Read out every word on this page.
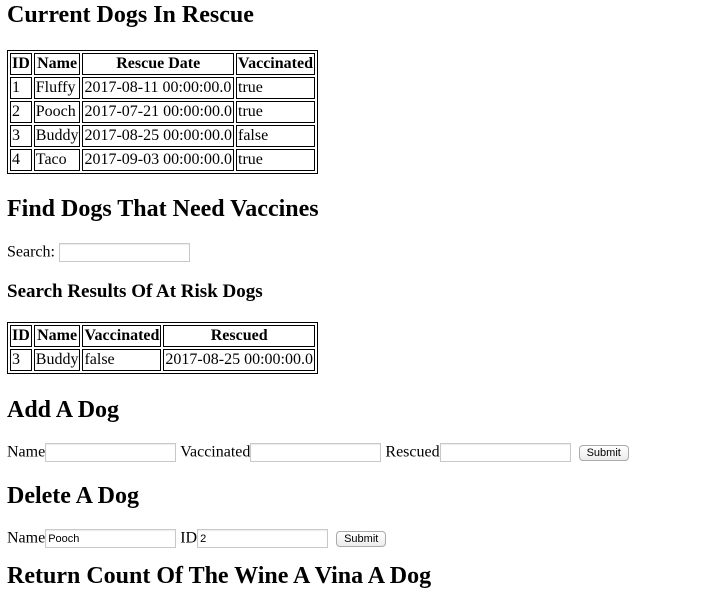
Current Dogs In Rescue
ID	Name	Rescue Date	Vaccinated
1	Fluffy	2017-08-11 00:00:00.0	true
2	Pooch	2017-07-21 00:00:00.0	true
3	Buddy	2017-08-25 00:00:00.0	false
4	Taco	2017-09-03 00:00:00.0	true
Find Dogs That Need Vaccines
Search:
Search Results Of At Risk Dogs
ID	Name	Vaccinated	Rescued
3	Buddy	false	2017-08-25 00:00:00.0
Add A Dog
Name	Vaccinated	Rescued	Submit
Delete A Dog
NamePooch	ID2	Submit
Return Count Of The Wine A Vina A Dog
